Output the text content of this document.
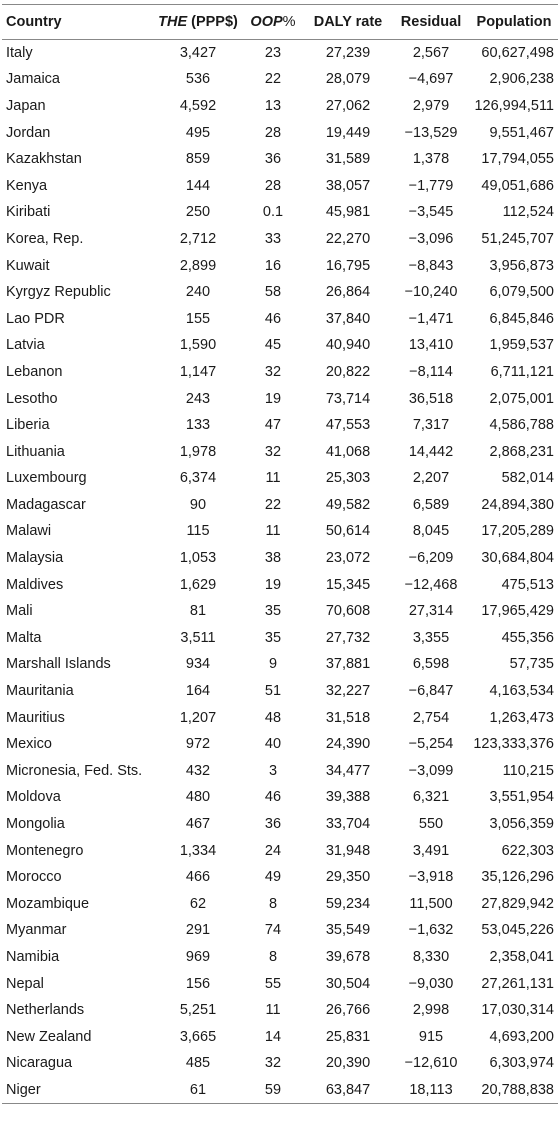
Country	THE (PPP$)	OOP%	DALY rate	Residual	Population
Italy	3,427	23	27,239	2,567	60,627,498
Jamaica	536	22	28,079	−4,697	2,906,238
Japan	4,592	13	27,062	2,979	126,994,511
Jordan	495	28	19,449	−13,529	9,551,467
Kazakhstan	859	36	31,589	1,378	17,794,055
Kenya	144	28	38,057	−1,779	49,051,686
Kiribati	250	0.1	45,981	−3,545	112,524
Korea, Rep.	2,712	33	22,270	−3,096	51,245,707
Kuwait	2,899	16	16,795	−8,843	3,956,873
Kyrgyz Republic	240	58	26,864	−10,240	6,079,500
Lao PDR	155	46	37,840	−1,471	6,845,846
Latvia	1,590	45	40,940	13,410	1,959,537
Lebanon	1,147	32	20,822	−8,114	6,711,121
Lesotho	243	19	73,714	36,518	2,075,001
Liberia	133	47	47,553	7,317	4,586,788
Lithuania	1,978	32	41,068	14,442	2,868,231
Luxembourg	6,374	11	25,303	2,207	582,014
Madagascar	90	22	49,582	6,589	24,894,380
Malawi	115	11	50,614	8,045	17,205,289
Malaysia	1,053	38	23,072	−6,209	30,684,804
Maldives	1,629	19	15,345	−12,468	475,513
Mali	81	35	70,608	27,314	17,965,429
Malta	3,511	35	27,732	3,355	455,356
Marshall Islands	934	9	37,881	6,598	57,735
Mauritania	164	51	32,227	−6,847	4,163,534
Mauritius	1,207	48	31,518	2,754	1,263,473
Mexico	972	40	24,390	−5,254	123,333,376
Micronesia, Fed. Sts.	432	3	34,477	−3,099	110,215
Moldova	480	46	39,388	6,321	3,551,954
Mongolia	467	36	33,704	550	3,056,359
Montenegro	1,334	24	31,948	3,491	622,303
Morocco	466	49	29,350	−3,918	35,126,296
Mozambique	62	8	59,234	11,500	27,829,942
Myanmar	291	74	35,549	−1,632	53,045,226
Namibia	969	8	39,678	8,330	2,358,041
Nepal	156	55	30,504	−9,030	27,261,131
Netherlands	5,251	11	26,766	2,998	17,030,314
New Zealand	3,665	14	25,831	915	4,693,200
Nicaragua	485	32	20,390	−12,610	6,303,974
Niger	61	59	63,847	18,113	20,788,838
